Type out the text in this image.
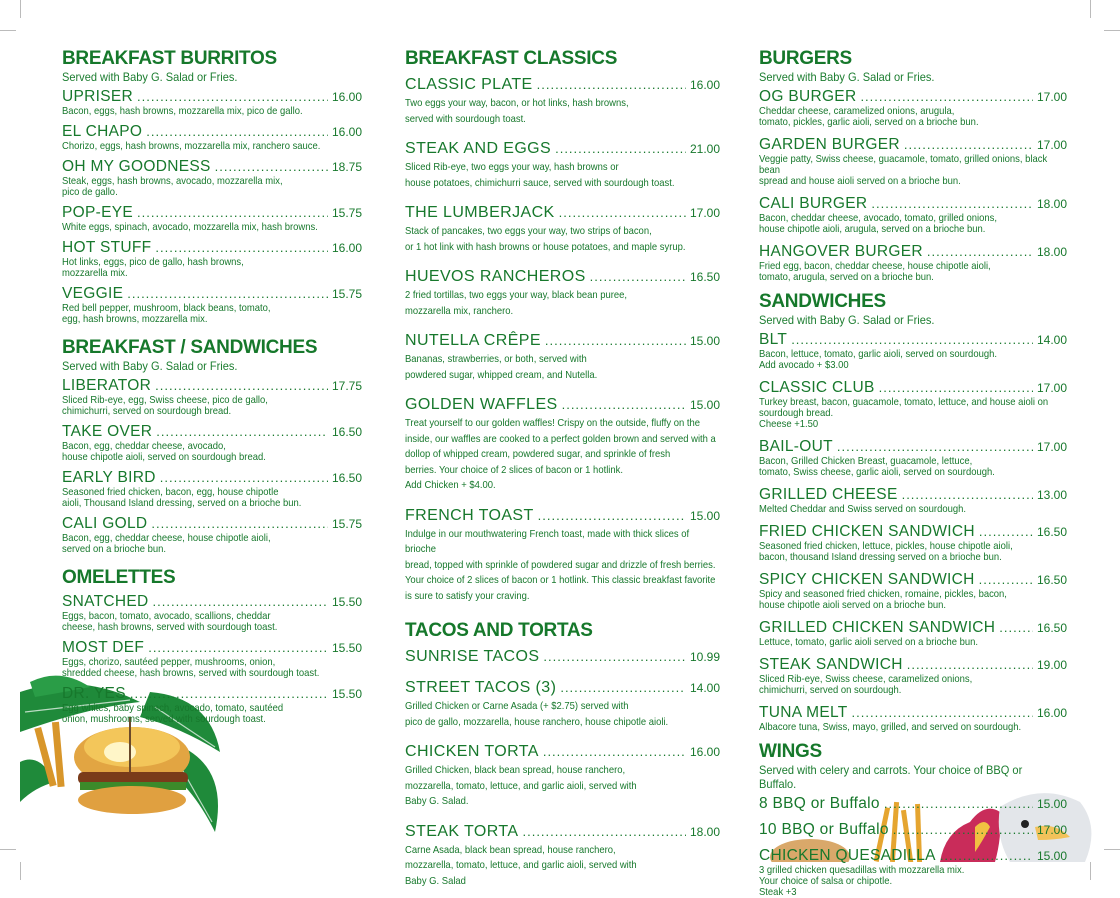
BREAKFAST BURRITOS
Served with Baby G. Salad or Fries.
UPRISER .....	16.00
Bacon, eggs, hash browns, mozzarella mix, pico de gallo.
EL CHAPO .....	16.00
Chorizo, eggs, hash browns, mozzarella mix, ranchero sauce.
OH MY GOODNESS .....	18.75
Steak, eggs, hash browns, avocado, mozzarella mix,
pico de gallo.
POP-EYE .....	15.75
White eggs, spinach, avocado, mozzarella mix, hash browns.
HOT STUFF .....	16.00
Hot links, eggs, pico de gallo, hash browns,
mozzarella mix.
VEGGIE .....	15.75
Red bell pepper, mushroom, black beans, tomato,
egg, hash browns, mozzarella mix.
BREAKFAST / SANDWICHES
Served with Baby G. Salad or Fries.
LIBERATOR .....	17.75
Sliced Rib-eye, egg, Swiss cheese, pico de gallo,
chimichurri, served on sourdough bread.
TAKE OVER .....	16.50
Bacon, egg, cheddar cheese, avocado,
house chipotle aioli, served on sourdough bread.
EARLY BIRD .....	16.50
Seasoned fried chicken, bacon, egg, house chipotle
aioli, Thousand Island dressing, served on a brioche bun.
CALI GOLD .....	15.75
Bacon, egg, cheddar cheese, house chipotle aioli,
served on a brioche bun.
OMELETTES
SNATCHED .....	15.50
Eggs, bacon, tomato, avocado, scallions, cheddar
cheese, hash browns, served with sourdough toast.
MOST DEF .....	15.50
Eggs, chorizo, sautéed pepper, mushrooms, onion,
shredded cheese, hash browns, served with sourdough toast.
DR. YES .....	15.50
Egg whites, baby spinach, avocado, tomato, sautéed
onion, mushrooms, served with sourdough toast.
BREAKFAST CLASSICS
CLASSIC PLATE .....	16.00
Two eggs your way, bacon, or hot links, hash browns,
served with sourdough toast.
STEAK AND EGGS .....	21.00
Sliced Rib-eye, two eggs your way, hash browns or
house potatoes, chimichurri sauce, served with sourdough toast.
THE LUMBERJACK .....	17.00
Stack of pancakes, two eggs your way, two strips of bacon,
or 1 hot link with hash browns or house potatoes, and maple syrup.
HUEVOS RANCHEROS .....	16.50
2 fried tortillas, two eggs your way, black bean puree,
mozzarella mix, ranchero.
NUTELLA CRÊPE .....	15.00
Bananas, strawberries, or both, served with
powdered sugar, whipped cream, and Nutella.
GOLDEN WAFFLES .....	15.00
Treat yourself to our golden waffles! Crispy on the outside, fluffy on the
inside, our waffles are cooked to a perfect golden brown and served with a
dollop of whipped cream, powdered sugar, and sprinkle of fresh
berries. Your choice of 2 slices of bacon or 1 hotlink.
Add Chicken + $4.00.
FRENCH TOAST .....	15.00
Indulge in our mouthwatering French toast, made with thick slices of brioche
bread, topped with sprinkle of powdered sugar and drizzle of fresh berries.
Your choice of 2 slices of bacon or 1 hotlink. This classic breakfast favorite
is sure to satisfy your craving.
TACOS AND TORTAS
SUNRISE TACOS .....	10.99
STREET TACOS (3) .....	14.00
Grilled Chicken or Carne Asada (+ $2.75) served with
pico de gallo, mozzarella, house ranchero, house chipotle aioli.
CHICKEN TORTA .....	16.00
Grilled Chicken, black bean spread, house ranchero,
mozzarella, tomato, lettuce, and garlic aioli, served with
Baby G. Salad.
STEAK TORTA .....	18.00
Carne Asada, black bean spread, house ranchero,
mozzarella, tomato, lettuce, and garlic aioli, served with
Baby G. Salad
BURGERS
Served with Baby G. Salad or Fries.
OG BURGER .....	17.00
Cheddar cheese, caramelized onions, arugula,
tomato, pickles, garlic aioli, served on a brioche bun.
GARDEN BURGER .....	17.00
Veggie patty, Swiss cheese, guacamole, tomato, grilled onions, black bean
spread and house aioli served on a brioche bun.
CALI BURGER .....	18.00
Bacon, cheddar cheese, avocado, tomato, grilled onions,
house chipotle aioli, arugula, served on a brioche bun.
HANGOVER BURGER .....	18.00
Fried egg, bacon, cheddar cheese, house chipotle aioli,
tomato, arugula, served on a brioche bun.
SANDWICHES
Served with Baby G. Salad or Fries.
BLT .....	14.00
Bacon, lettuce, tomato, garlic aioli, served on sourdough.
Add avocado + $3.00
CLASSIC CLUB .....	17.00
Turkey breast, bacon, guacamole, tomato, lettuce, and house aioli on
sourdough bread.
Cheese +1.50
BAIL-OUT .....	17.00
Bacon, Grilled Chicken Breast, guacamole, lettuce,
tomato, Swiss cheese, garlic aioli, served on sourdough.
GRILLED CHEESE .....	13.00
Melted Cheddar and Swiss served on sourdough.
FRIED CHICKEN SANDWICH .....	16.50
Seasoned fried chicken, lettuce, pickles, house chipotle aioli,
bacon, thousand Island dressing served on a brioche bun.
SPICY CHICKEN SANDWICH .....	16.50
Spicy and seasoned fried chicken, romaine, pickles, bacon,
house chipotle aioli served on a brioche bun.
GRILLED CHICKEN SANDWICH .....	16.50
Lettuce, tomato, garlic aioli served on a brioche bun.
STEAK SANDWICH .....	19.00
Sliced Rib-eye, Swiss cheese, caramelized onions,
chimichurri, served on sourdough.
TUNA MELT .....	16.00
Albacore tuna, Swiss, mayo, grilled, and served on sourdough.
WINGS
Served with celery and carrots. Your choice of BBQ or Buffalo.
8 BBQ or Buffalo .....	15.00
10 BBQ or Buffalo .....	17.00
CHICKEN QUESADILLA .....	15.00
3 grilled chicken quesadillas with mozzarella mix.
Your choice of salsa or chipotle.
Steak +3
